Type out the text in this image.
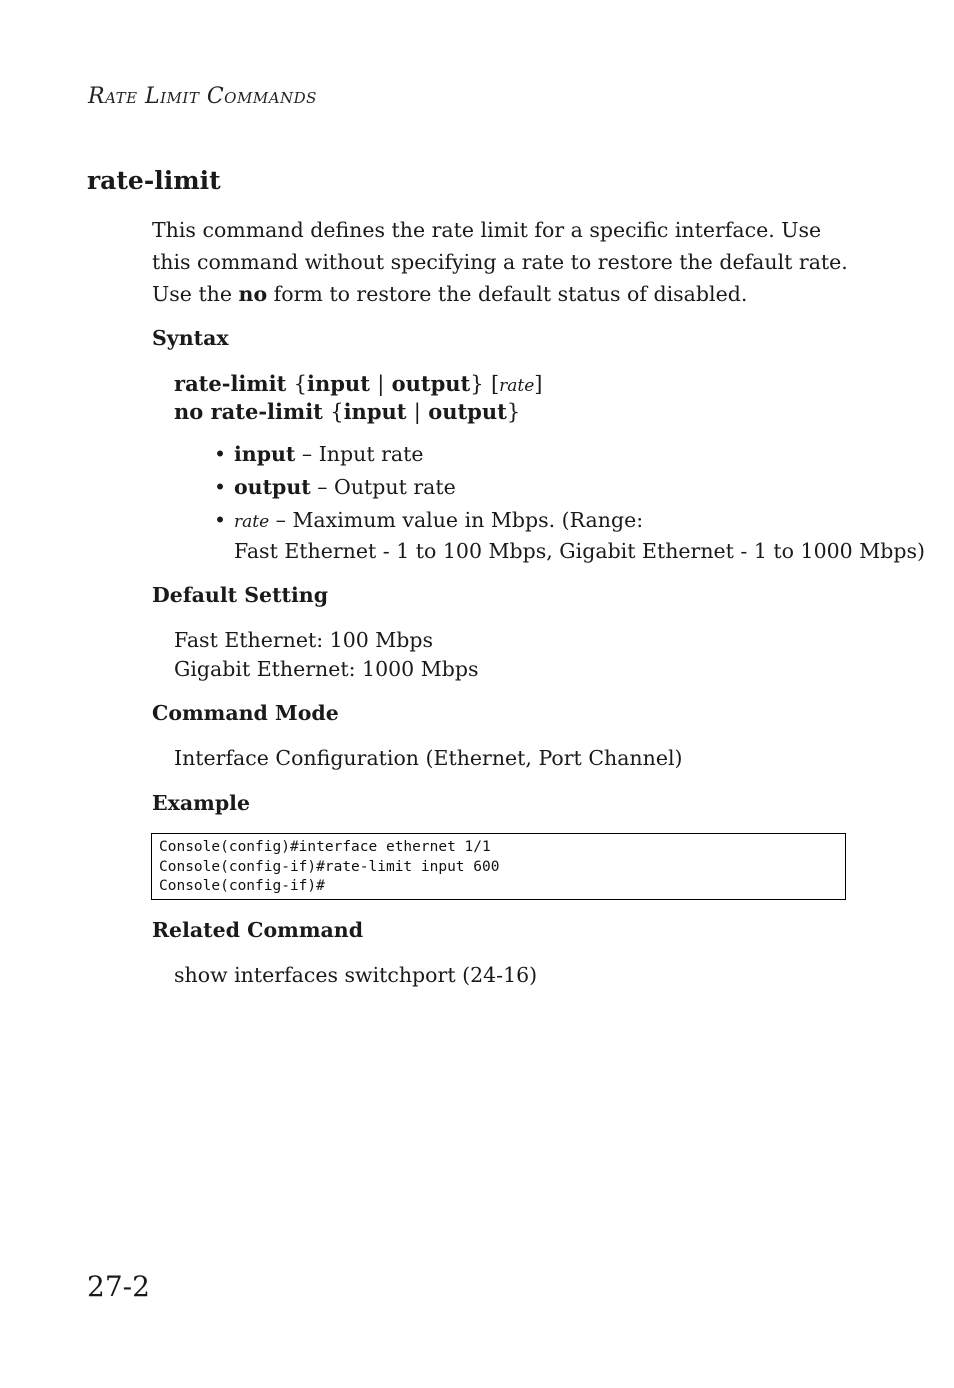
Rate Limit Commands
rate-limit

This command defines the rate limit for a specific interface. Use this command without specifying a rate to restore the default rate. Use the no form to restore the default status of disabled.

Syntax
rate-limit {input | output} [rate]
no rate-limit {input | output}
• input – Input rate
• output – Output rate
• rate – Maximum value in Mbps. (Range:
Fast Ethernet - 1 to 100 Mbps, Gigabit Ethernet - 1 to 1000 Mbps)
Default Setting

Fast Ethernet: 100 Mbps

Gigabit Ethernet: 1000 Mbps

Command Mode

Interface Configuration (Ethernet, Port Channel)

Example
Console(config)#interface ethernet 1/1
Console(config-if)#rate-limit input 600
Console(config-if)#
Related Command

show interfaces switchport (24-16)

27-2
